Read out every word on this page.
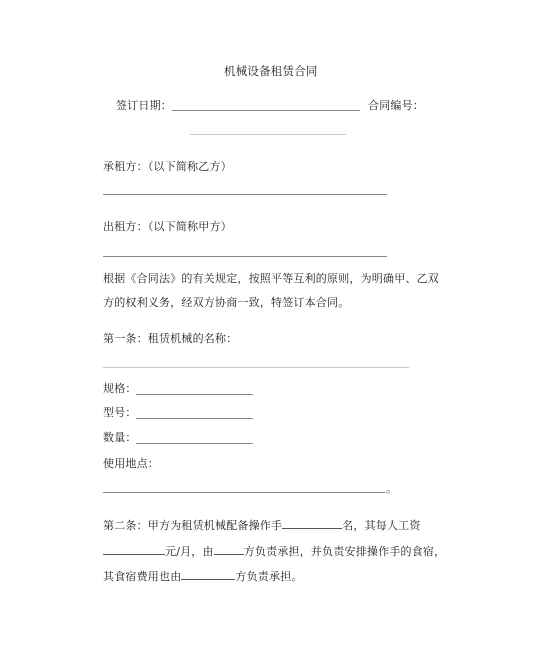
机械设备租赁合同
签订日期：	合同编号：
承租方：（以下简称乙方）
出租方：（以下简称甲方）
根据《合同法》的有关规定，按照平等互利的原则，为明确甲、乙双
方的权利义务，经双方协商一致，特签订本合同。
第一条：租赁机械的名称：
规格：
型号：
数量：
使用地点：
。
第二条：甲方为租赁机械配备操作手	名，其每人工资
元/月，由	方负责承担，并负责安排操作手的食宿，
其食宿费用也由	方负责承担。
